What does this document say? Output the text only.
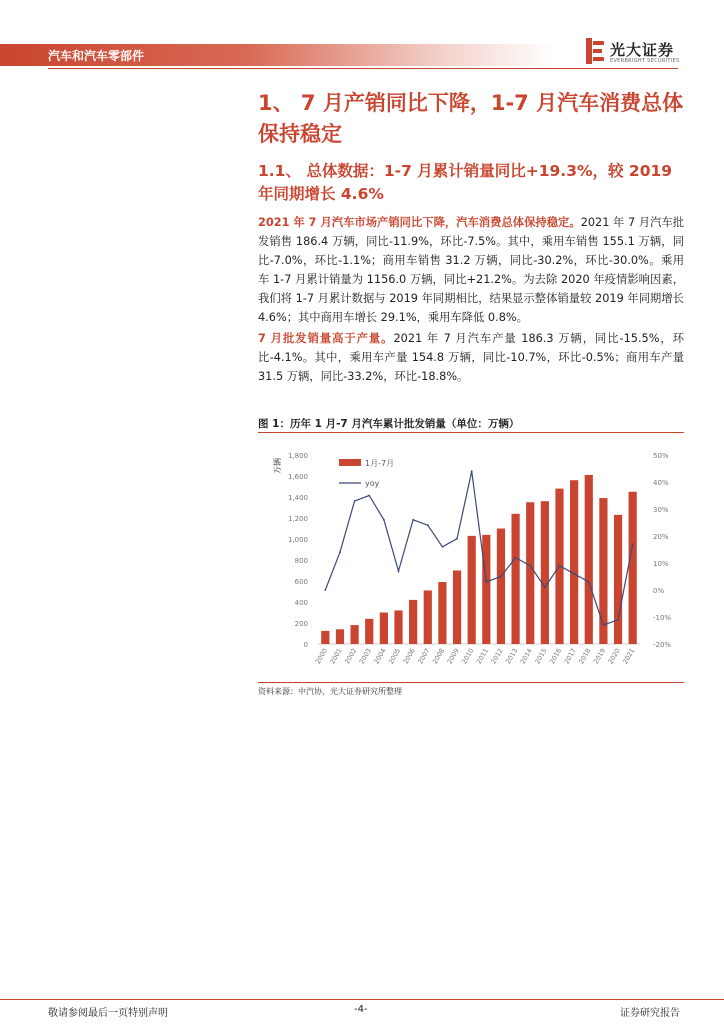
汽车和汽车零部件	光大证券
EVERBRIGHT SECURITIES
1、 7 月产销同比下降，1-7 月汽车消费总体保持稳定
1.1、 总体数据：1-7 月累计销量同比+19.3%，较 2019 年同期增长 4.6%
2021 年 7 月汽车市场产销同比下降，汽车消费总体保持稳定。2021 年 7 月汽车批发销售 186.4 万辆，同比-11.9%，环比-7.5%。其中，乘用车销售 155.1 万辆，同比-7.0%，环比-1.1%；商用车销售 31.2 万辆，同比-30.2%，环比-30.0%。乘用车 1-7 月累计销量为 1156.0 万辆，同比+21.2%。为去除 2020 年疫情影响因素，我们将 1-7 月累计数据与 2019 年同期相比，结果显示整体销量较 2019 年同期增长 4.6%；其中商用车增长 29.1%，乘用车降低 0.8%。
7 月批发销量高于产量。2021 年 7 月汽车产量 186.3 万辆，同比-15.5%，环比-4.1%。其中，乘用车产量 154.8 万辆，同比-10.7%，环比-0.5%；商用车产量 31.5 万辆，同比-33.2%，环比-18.8%。
图 1：历年 1 月-7 月汽车累计批发销量（单位：万辆）
0
200
400
600
800
1,000
1,200
1,400
1,600
1,800
-20%
-10%
0%
10%
20%
30%
40%
50%
万辆
2000 2001 2002 2003 2004 2005 2006 2007 2008 2009 2010 2011 2012 2013 2014 2015 2016 2017 2018 2019 2020 2021
1月-7月
yoy
资料来源：中汽协，光大证券研究所整理
敬请参阅最后一页特别声明	-4-	证券研究报告
